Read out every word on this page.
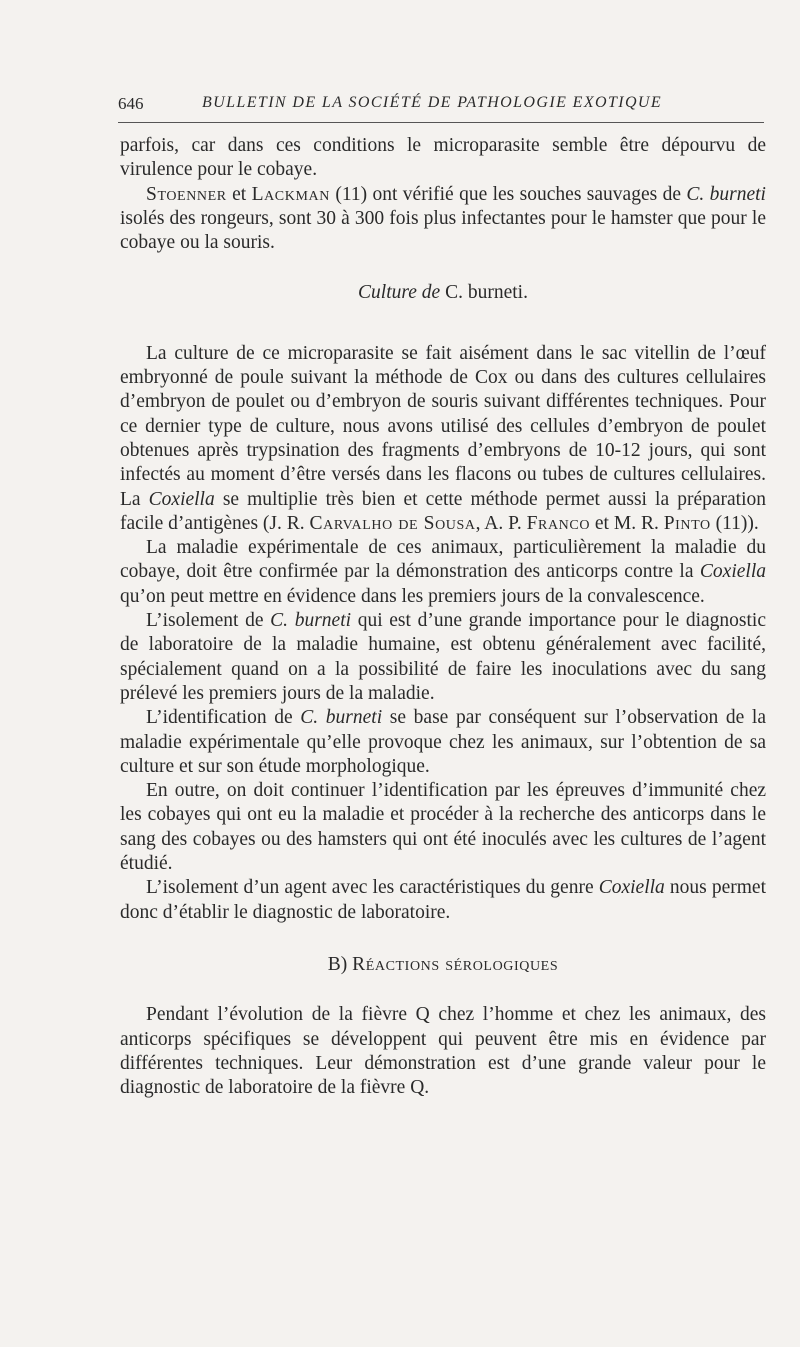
646	BULLETIN DE LA SOCIÉTÉ DE PATHOLOGIE EXOTIQUE

parfois, car dans ces conditions le microparasite semble être dépourvu de virulence pour le cobaye.

Stoenner et Lackman (11) ont vérifié que les souches sauvages de C. burneti isolés des rongeurs, sont 30 à 300 fois plus infectantes pour le hamster que pour le cobaye ou la souris.

Culture de C. burneti.

La culture de ce microparasite se fait aisément dans le sac vitellin de l’œuf embryonné de poule suivant la méthode de Cox ou dans des cultures cellulaires d’embryon de poulet ou d’embryon de souris suivant différentes techniques. Pour ce dernier type de culture, nous avons utilisé des cellules d’embryon de poulet obtenues après trypsination des fragments d’embryons de 10-12 jours, qui sont infectés au moment d’être versés dans les flacons ou tubes de cultures cellulaires. La Coxiella se multiplie très bien et cette méthode permet aussi la préparation facile d’antigènes (J. R. Carvalho de Sousa, A. P. Franco et M. R. Pinto (11)).

La maladie expérimentale de ces animaux, particulièrement la maladie du cobaye, doit être confirmée par la démonstration des anticorps contre la Coxiella qu’on peut mettre en évidence dans les premiers jours de la convalescence.

L’isolement de C. burneti qui est d’une grande importance pour le diagnostic de laboratoire de la maladie humaine, est obtenu généralement avec facilité, spécialement quand on a la possibilité de faire les inoculations avec du sang prélevé les premiers jours de la maladie.

L’identification de C. burneti se base par conséquent sur l’observation de la maladie expérimentale qu’elle provoque chez les animaux, sur l’obtention de sa culture et sur son étude morphologique.

En outre, on doit continuer l’identification par les épreuves d’immunité chez les cobayes qui ont eu la maladie et procéder à la recherche des anticorps dans le sang des cobayes ou des hamsters qui ont été inoculés avec les cultures de l’agent étudié.

L’isolement d’un agent avec les caractéristiques du genre Coxiella nous permet donc d’établir le diagnostic de laboratoire.

B) Réactions sérologiques

Pendant l’évolution de la fièvre Q chez l’homme et chez les animaux, des anticorps spécifiques se développent qui peuvent être mis en évidence par différentes techniques. Leur démonstration est d’une grande valeur pour le diagnostic de laboratoire de la fièvre Q.
